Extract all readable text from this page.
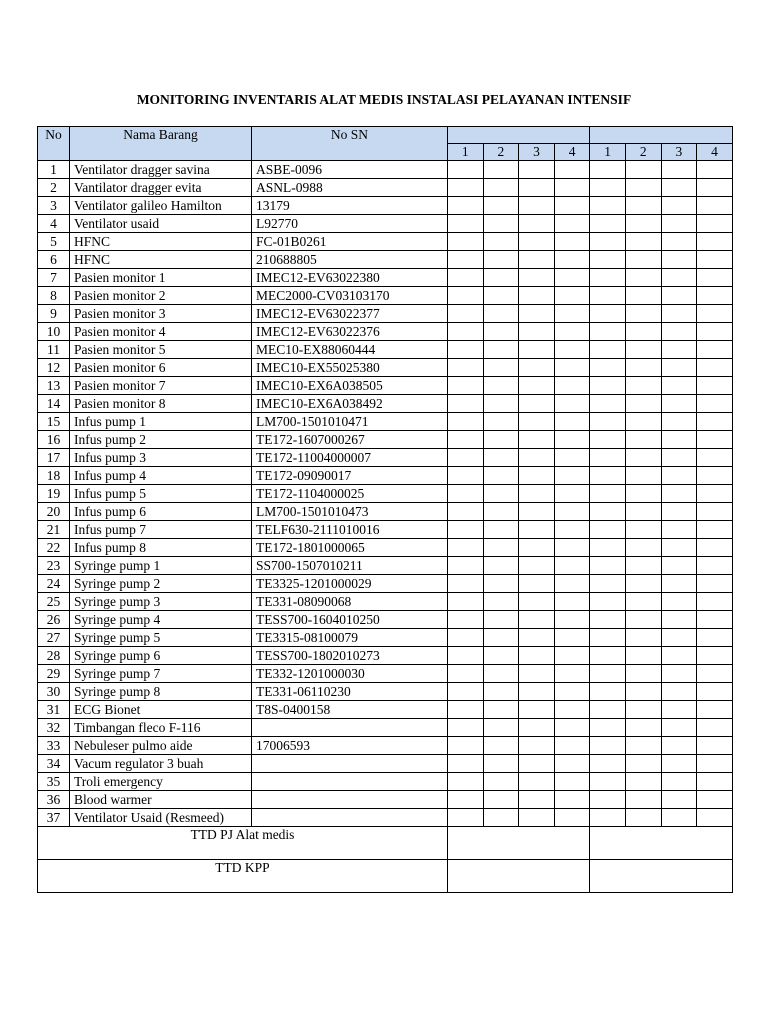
MONITORING INVENTARIS ALAT MEDIS INSTALASI PELAYANAN INTENSIF
No	Nama Barang	No SN								
			1	2	3	4	1	2	3	4
1	Ventilator dragger savina	ASBE-0096								
2	Vantilator dragger evita	ASNL-0988								
3	Ventilator galileo Hamilton	13179								
4	Ventilator usaid	L92770								
5	HFNC	FC-01B0261								
6	HFNC	210688805								
7	Pasien monitor 1	IMEC12-EV63022380								
8	Pasien monitor 2	MEC2000-CV03103170								
9	Pasien monitor 3	IMEC12-EV63022377								
10	Pasien monitor 4	IMEC12-EV63022376								
11	Pasien monitor 5	MEC10-EX88060444								
12	Pasien monitor 6	IMEC10-EX55025380								
13	Pasien monitor 7	IMEC10-EX6A038505								
14	Pasien monitor 8	IMEC10-EX6A038492								
15	Infus pump 1	LM700-1501010471								
16	Infus pump 2	TE172-1607000267								
17	Infus pump 3	TE172-11004000007								
18	Infus pump 4	TE172-09090017								
19	Infus pump 5	TE172-1104000025								
20	Infus pump 6	LM700-1501010473								
21	Infus pump 7	TELF630-2111010016								
22	Infus pump 8	TE172-1801000065								
23	Syringe pump 1	SS700-1507010211								
24	Syringe pump 2	TE3325-1201000029								
25	Syringe pump 3	TE331-08090068								
26	Syringe pump 4	TESS700-1604010250								
27	Syringe pump 5	TE3315-08100079								
28	Syringe pump 6	TESS700-1802010273								
29	Syringe pump 7	TE332-1201000030								
30	Syringe pump 8	TE331-06110230								
31	ECG Bionet	T8S-0400158								
32	Timbangan fleco F-116									
33	Nebuleser pulmo aide	17006593								
34	Vacum regulator 3 buah									
35	Troli emergency									
36	Blood warmer									
37	Ventilator Usaid (Resmeed)									
TTD PJ Alat medis										
TTD KPP										
